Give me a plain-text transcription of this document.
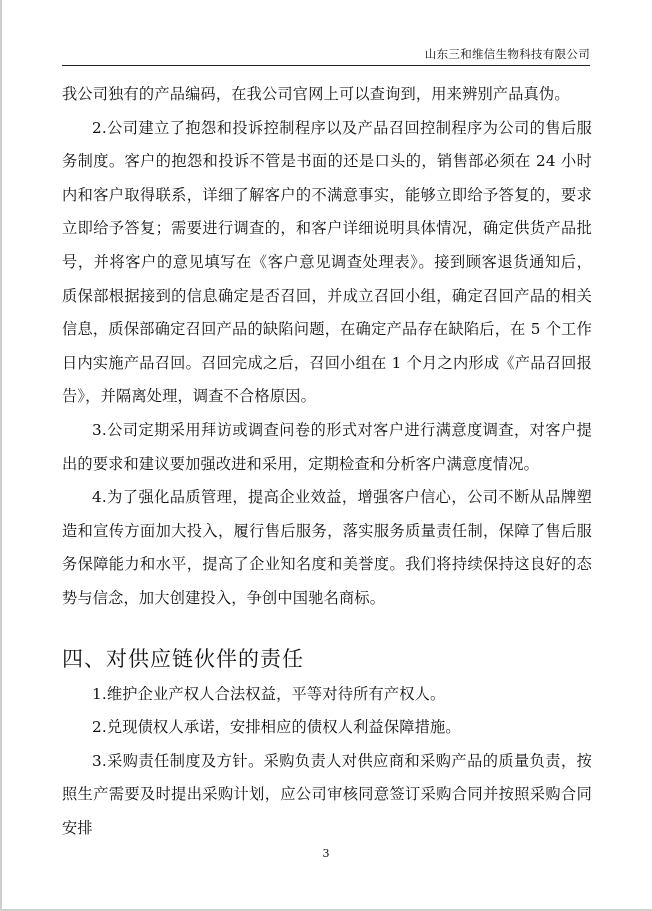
山东三和维信生物科技有限公司

我公司独有的产品编码，在我公司官网上可以查询到，用来辨别产品真伪。

2.公司建立了抱怨和投诉控制程序以及产品召回控制程序为公司的售后服务制度。客户的抱怨和投诉不管是书面的还是口头的，销售部必须在 24 小时内和客户取得联系，详细了解客户的不满意事实，能够立即给予答复的，要求立即给予答复；需要进行调查的，和客户详细说明具体情况，确定供货产品批号，并将客户的意见填写在《客户意见调查处理表》。接到顾客退货通知后，质保部根据接到的信息确定是否召回，并成立召回小组，确定召回产品的相关信息，质保部确定召回产品的缺陷问题，在确定产品存在缺陷后，在 5 个工作日内实施产品召回。召回完成之后，召回小组在 1 个月之内形成《产品召回报告》，并隔离处理，调查不合格原因。

3.公司定期采用拜访或调查问卷的形式对客户进行满意度调查，对客户提出的要求和建议要加强改进和采用，定期检查和分析客户满意度情况。

4.为了强化品质管理，提高企业效益，增强客户信心，公司不断从品牌塑造和宣传方面加大投入，履行售后服务，落实服务质量责任制，保障了售后服务保障能力和水平，提高了企业知名度和美誉度。我们将持续保持这良好的态势与信念，加大创建投入，争创中国驰名商标。

四、对供应链伙伴的责任

1.维护企业产权人合法权益，平等对待所有产权人。

2.兑现债权人承诺，安排相应的债权人利益保障措施。

3.采购责任制度及方针。采购负责人对供应商和采购产品的质量负责，按照生产需要及时提出采购计划，应公司审核同意签订采购合同并按照采购合同安排

3
